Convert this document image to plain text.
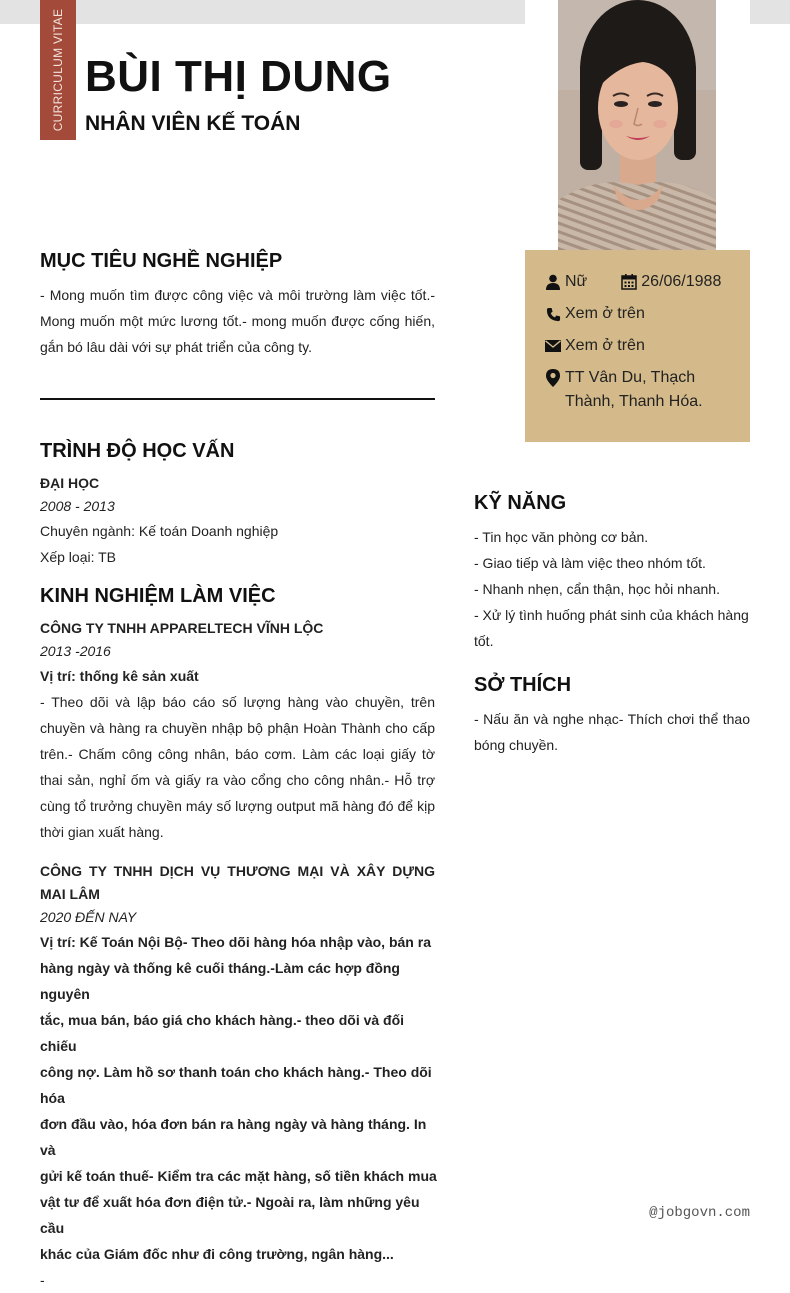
CURRICULUM VITAE BÙI THỊ DUNG
NHÂN VIÊN KẾ TOÁN
Nữ	26/06/1988
Xem ở trên
Xem ở trên
TT Vân Du, Thạch Thành, Thanh Hóa.
MỤC TIÊU NGHỀ NGHIỆP
- Mong muốn tìm được công việc và môi trường làm việc tốt.- Mong muốn một mức lương tốt.- mong muốn được cống hiến, gắn bó lâu dài với sự phát triển của công ty.
TRÌNH ĐỘ HỌC VẤN
ĐẠI HỌC
2008 - 2013
Chuyên ngành: Kế toán Doanh nghiệp
Xếp loại: TB
KINH NGHIỆM LÀM VIỆC
CÔNG TY TNHH APPARELTECH VĨNH LỘC
2013 -2016
Vị trí: thống kê sản xuất
- Theo dõi và lập báo cáo số lượng hàng vào chuyền, trên chuyền và hàng ra chuyền nhập bộ phận Hoàn Thành cho cấp trên.- Chấm công công nhân, báo cơm. Làm các loại giấy tờ thai sản, nghỉ ốm và giấy ra vào cổng cho công nhân.- Hỗ trợ cùng tổ trưởng chuyền máy số lượng output mã hàng đó để kịp thời gian xuất hàng.
CÔNG TY TNHH DỊCH VỤ THƯƠNG MẠI VÀ XÂY DỰNG MAI LÂM
2020 ĐẾN NAY
Vị trí: Kế Toán Nội Bộ- Theo dõi hàng hóa nhập vào, bán ra
hàng ngày và thống kê cuối tháng.-Làm các hợp đồng nguyên
tắc, mua bán, báo giá cho khách hàng.- theo dõi và đối chiếu
công nợ. Làm hồ sơ thanh toán cho khách hàng.- Theo dõi hóa
đơn đầu vào, hóa đơn bán ra hàng ngày và hàng tháng. In và
gửi kế toán thuế- Kiểm tra các mặt hàng, số tiền khách mua
vật tư để xuất hóa đơn điện tử.- Ngoài ra, làm những yêu cầu
khác của Giám đốc như đi công trường, ngân hàng...
-
KỸ NĂNG
- Tin học văn phòng cơ bản.
- Giao tiếp và làm việc theo nhóm tốt.
- Nhanh nhẹn, cẩn thận, học hỏi nhanh.
- Xử lý tình huống phát sinh của khách hàng tốt.
SỞ THÍCH
- Nấu ăn và nghe nhạc- Thích chơi thể thao bóng chuyền.
@jobgovn.com
